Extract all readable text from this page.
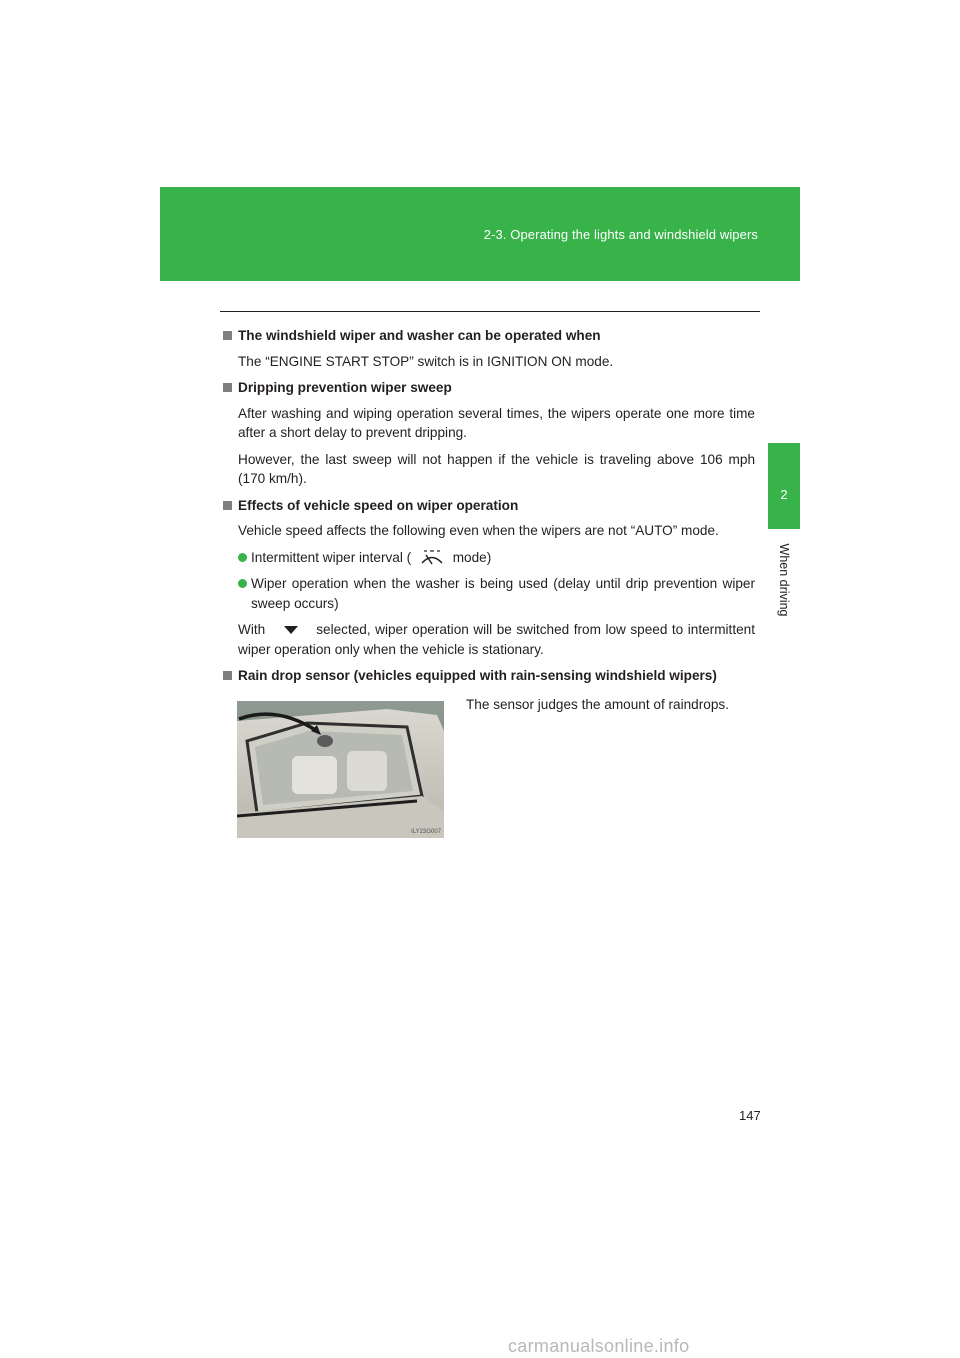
2-3. Operating the lights and windshield wipers
2
When driving
The windshield wiper and washer can be operated when
The “ENGINE START STOP” switch is in IGNITION ON mode.
Dripping prevention wiper sweep
After washing and wiping operation several times, the wipers operate one more time after a short delay to prevent dripping.
However, the last sweep will not happen if the vehicle is traveling above 106 mph (170 km/h).
Effects of vehicle speed on wiper operation
Vehicle speed affects the following even when the wipers are not “AUTO” mode.
Intermittent wiper interval (	mode)
Wiper operation when the washer is being used (delay until drip prevention wiper sweep occurs)
With	selected, wiper operation will be switched from low speed to intermittent wiper operation only when the vehicle is stationary.
Rain drop sensor (vehicles equipped with rain-sensing windshield wipers)
ILY23G007
The sensor judges the amount of raindrops.
147
carmanualsonline.info
